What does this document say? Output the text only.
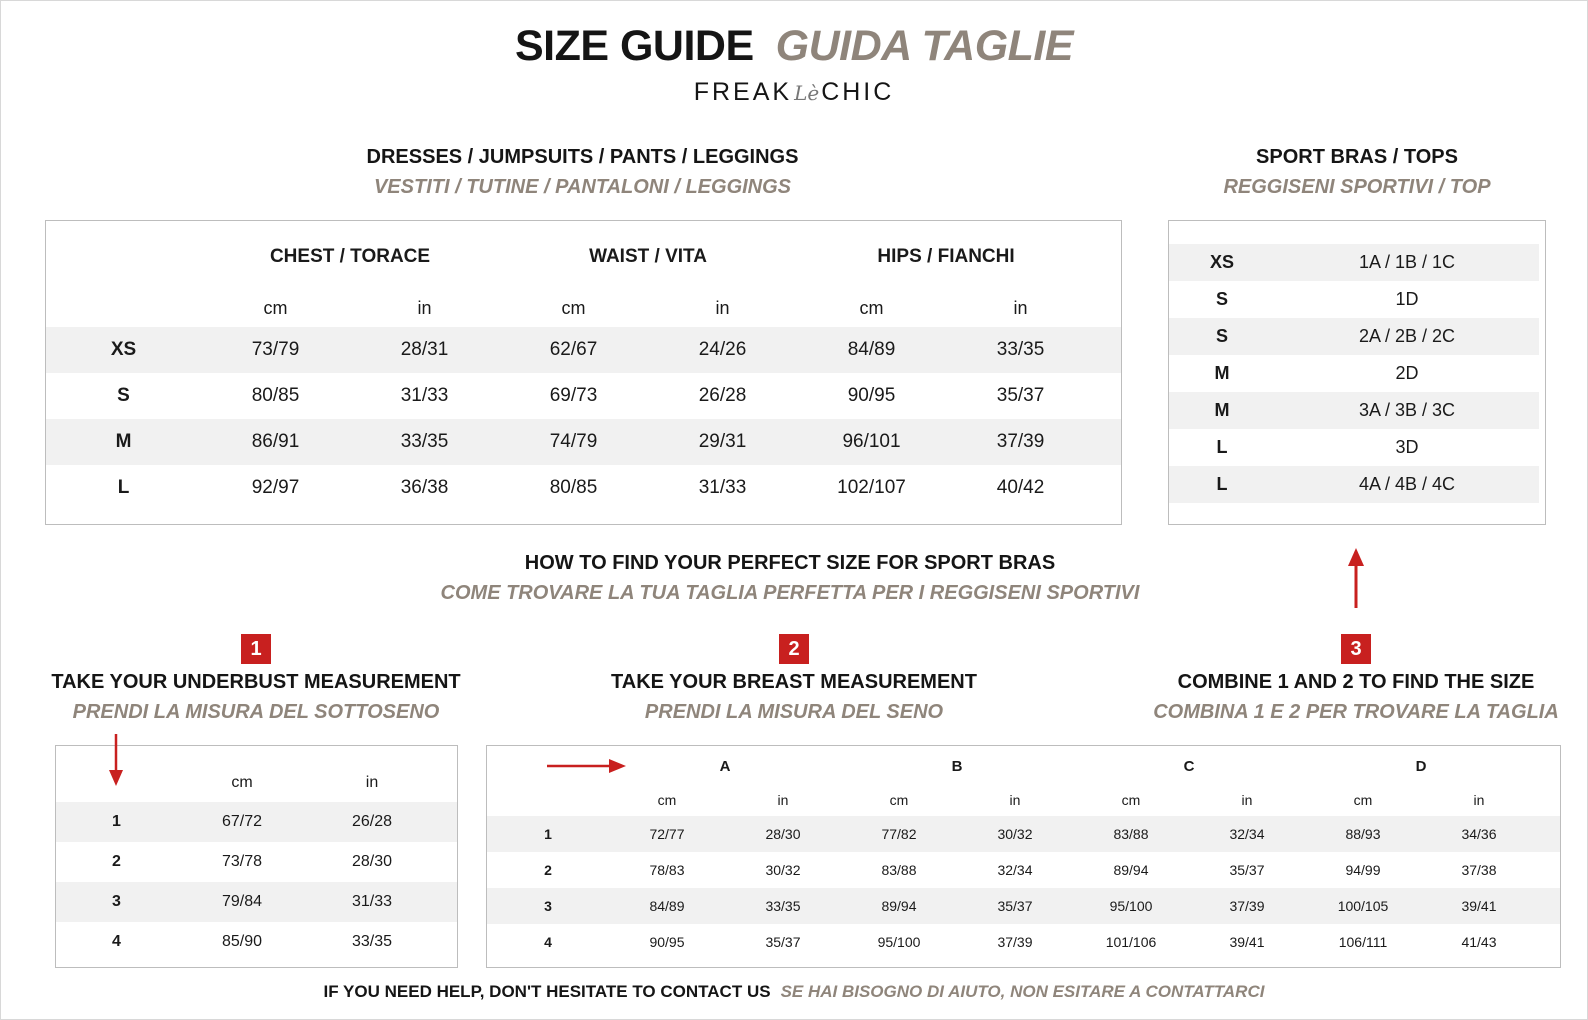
SIZE GUIDE GUIDA TAGLIE
FREAK LèCHIC
DRESSES / JUMPSUITS / PANTS / LEGGINGS
VESTITI / TUTINE / PANTALONI / LEGGINGS
	CHEST / TORACE		WAIST / VITA		HIPS / FIANCHI		
	cm	in	cm	in	cm	in	
XS	73/79	28/31	62/67	24/26	84/89	33/35	
S	80/85	31/33	69/73	26/28	90/95	35/37	
M	86/91	33/35	74/79	29/31	96/101	37/39	
L	92/97	36/38	80/85	31/33	102/107	40/42	
SPORT BRAS / TOPS
REGGISENI SPORTIVI / TOP
XS	1A / 1B / 1C	
S	1D	
S	2A / 2B / 2C	
M	2D	
M	3A / 3B / 3C	
L	3D	
L	4A / 4B / 4C	
HOW TO FIND YOUR PERFECT SIZE FOR SPORT BRAS
COME TROVARE LA TUA TAGLIA PERFETTA PER I REGGISENI SPORTIVI
1
TAKE YOUR UNDERBUST MEASUREMENT
PRENDI LA MISURA DEL SOTTOSENO
2
TAKE YOUR BREAST MEASUREMENT
PRENDI LA MISURA DEL SENO
3
COMBINE 1 AND 2 TO FIND THE SIZE
COMBINA 1 E 2 PER TROVARE LA TAGLIA
	cm	in	
1	67/72	26/28	
2	73/78	28/30	
3	79/84	31/33	
4	85/90	33/35	
	A		B		C		D		
	cm	in	cm	in	cm	in	cm	in	
1	72/77	28/30	77/82	30/32	83/88	32/34	88/93	34/36	
2	78/83	30/32	83/88	32/34	89/94	35/37	94/99	37/38	
3	84/89	33/35	89/94	35/37	95/100	37/39	100/105	39/41	
4	90/95	35/37	95/100	37/39	101/106	39/41	106/111	41/43	
IF YOU NEED HELP, DON'T HESITATE TO CONTACT US SE HAI BISOGNO DI AIUTO, NON ESITARE A CONTATTARCI
